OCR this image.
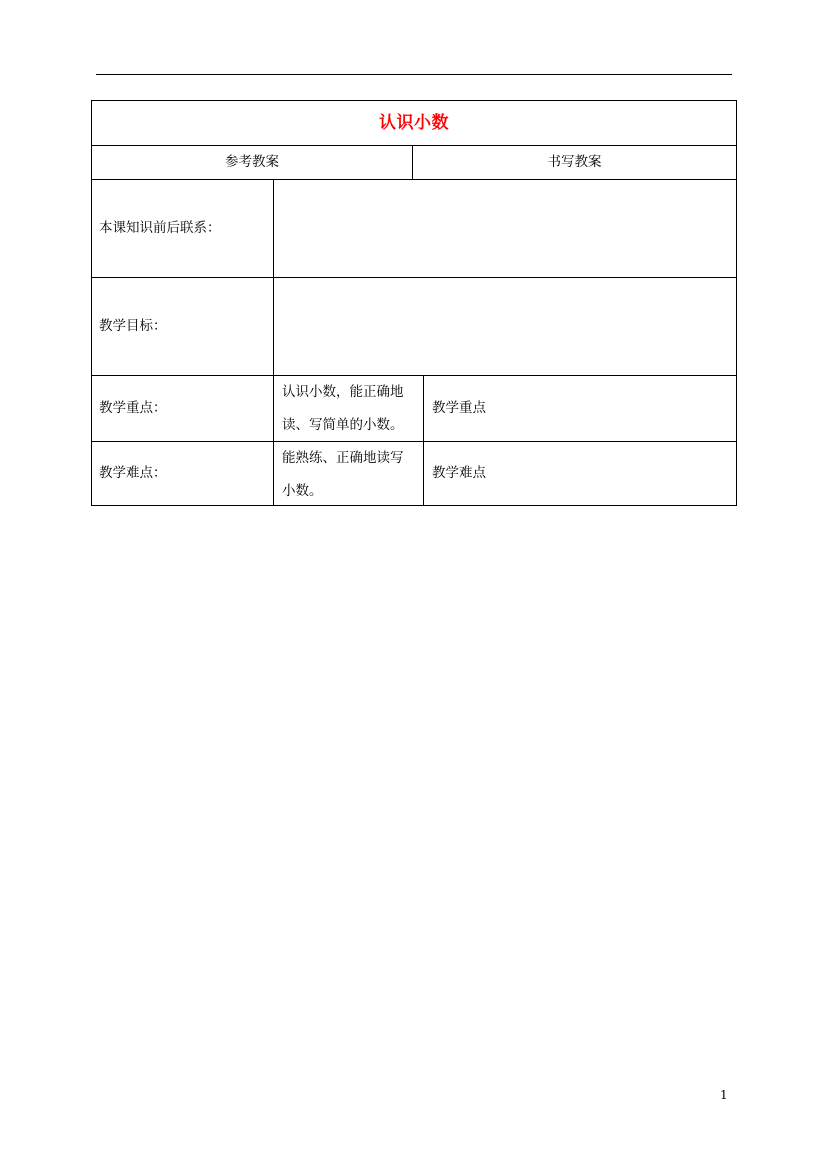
认识小数
参考教案	书写教案
本课知识前后联系：
教学目标：
教学重点：
认识小数，能正确地
读、写简单的小数。
教学重点
教学难点：
能熟练、正确地读写
小数。
教学难点
1
